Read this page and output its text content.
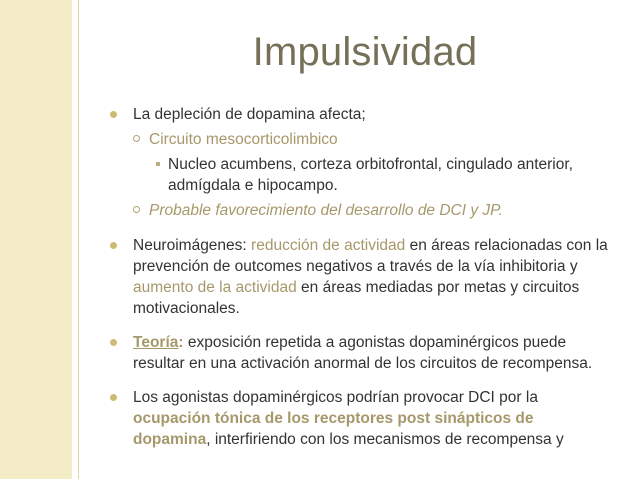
Impulsividad
La depleción de dopamina afecta;
Circuito mesocorticolimbico
Nucleo acumbens, corteza orbitofrontal, cingulado anterior, admígdala e hipocampo.
Probable favorecimiento del desarrollo de DCI y JP.
Neuroimágenes: reducción de actividad en áreas relacionadas con la prevención de outcomes negativos a través de la vía inhibitoria y aumento de la actividad en áreas mediadas por metas y circuitos motivacionales.
Teoría: exposición repetida a agonistas dopaminérgicos puede resultar en una activación anormal de los circuitos de recompensa.
Los agonistas dopaminérgicos podrían provocar DCI por la ocupación tónica de los receptores post sinápticos de dopamina, interfiriendo con los mecanismos de recompensa y
